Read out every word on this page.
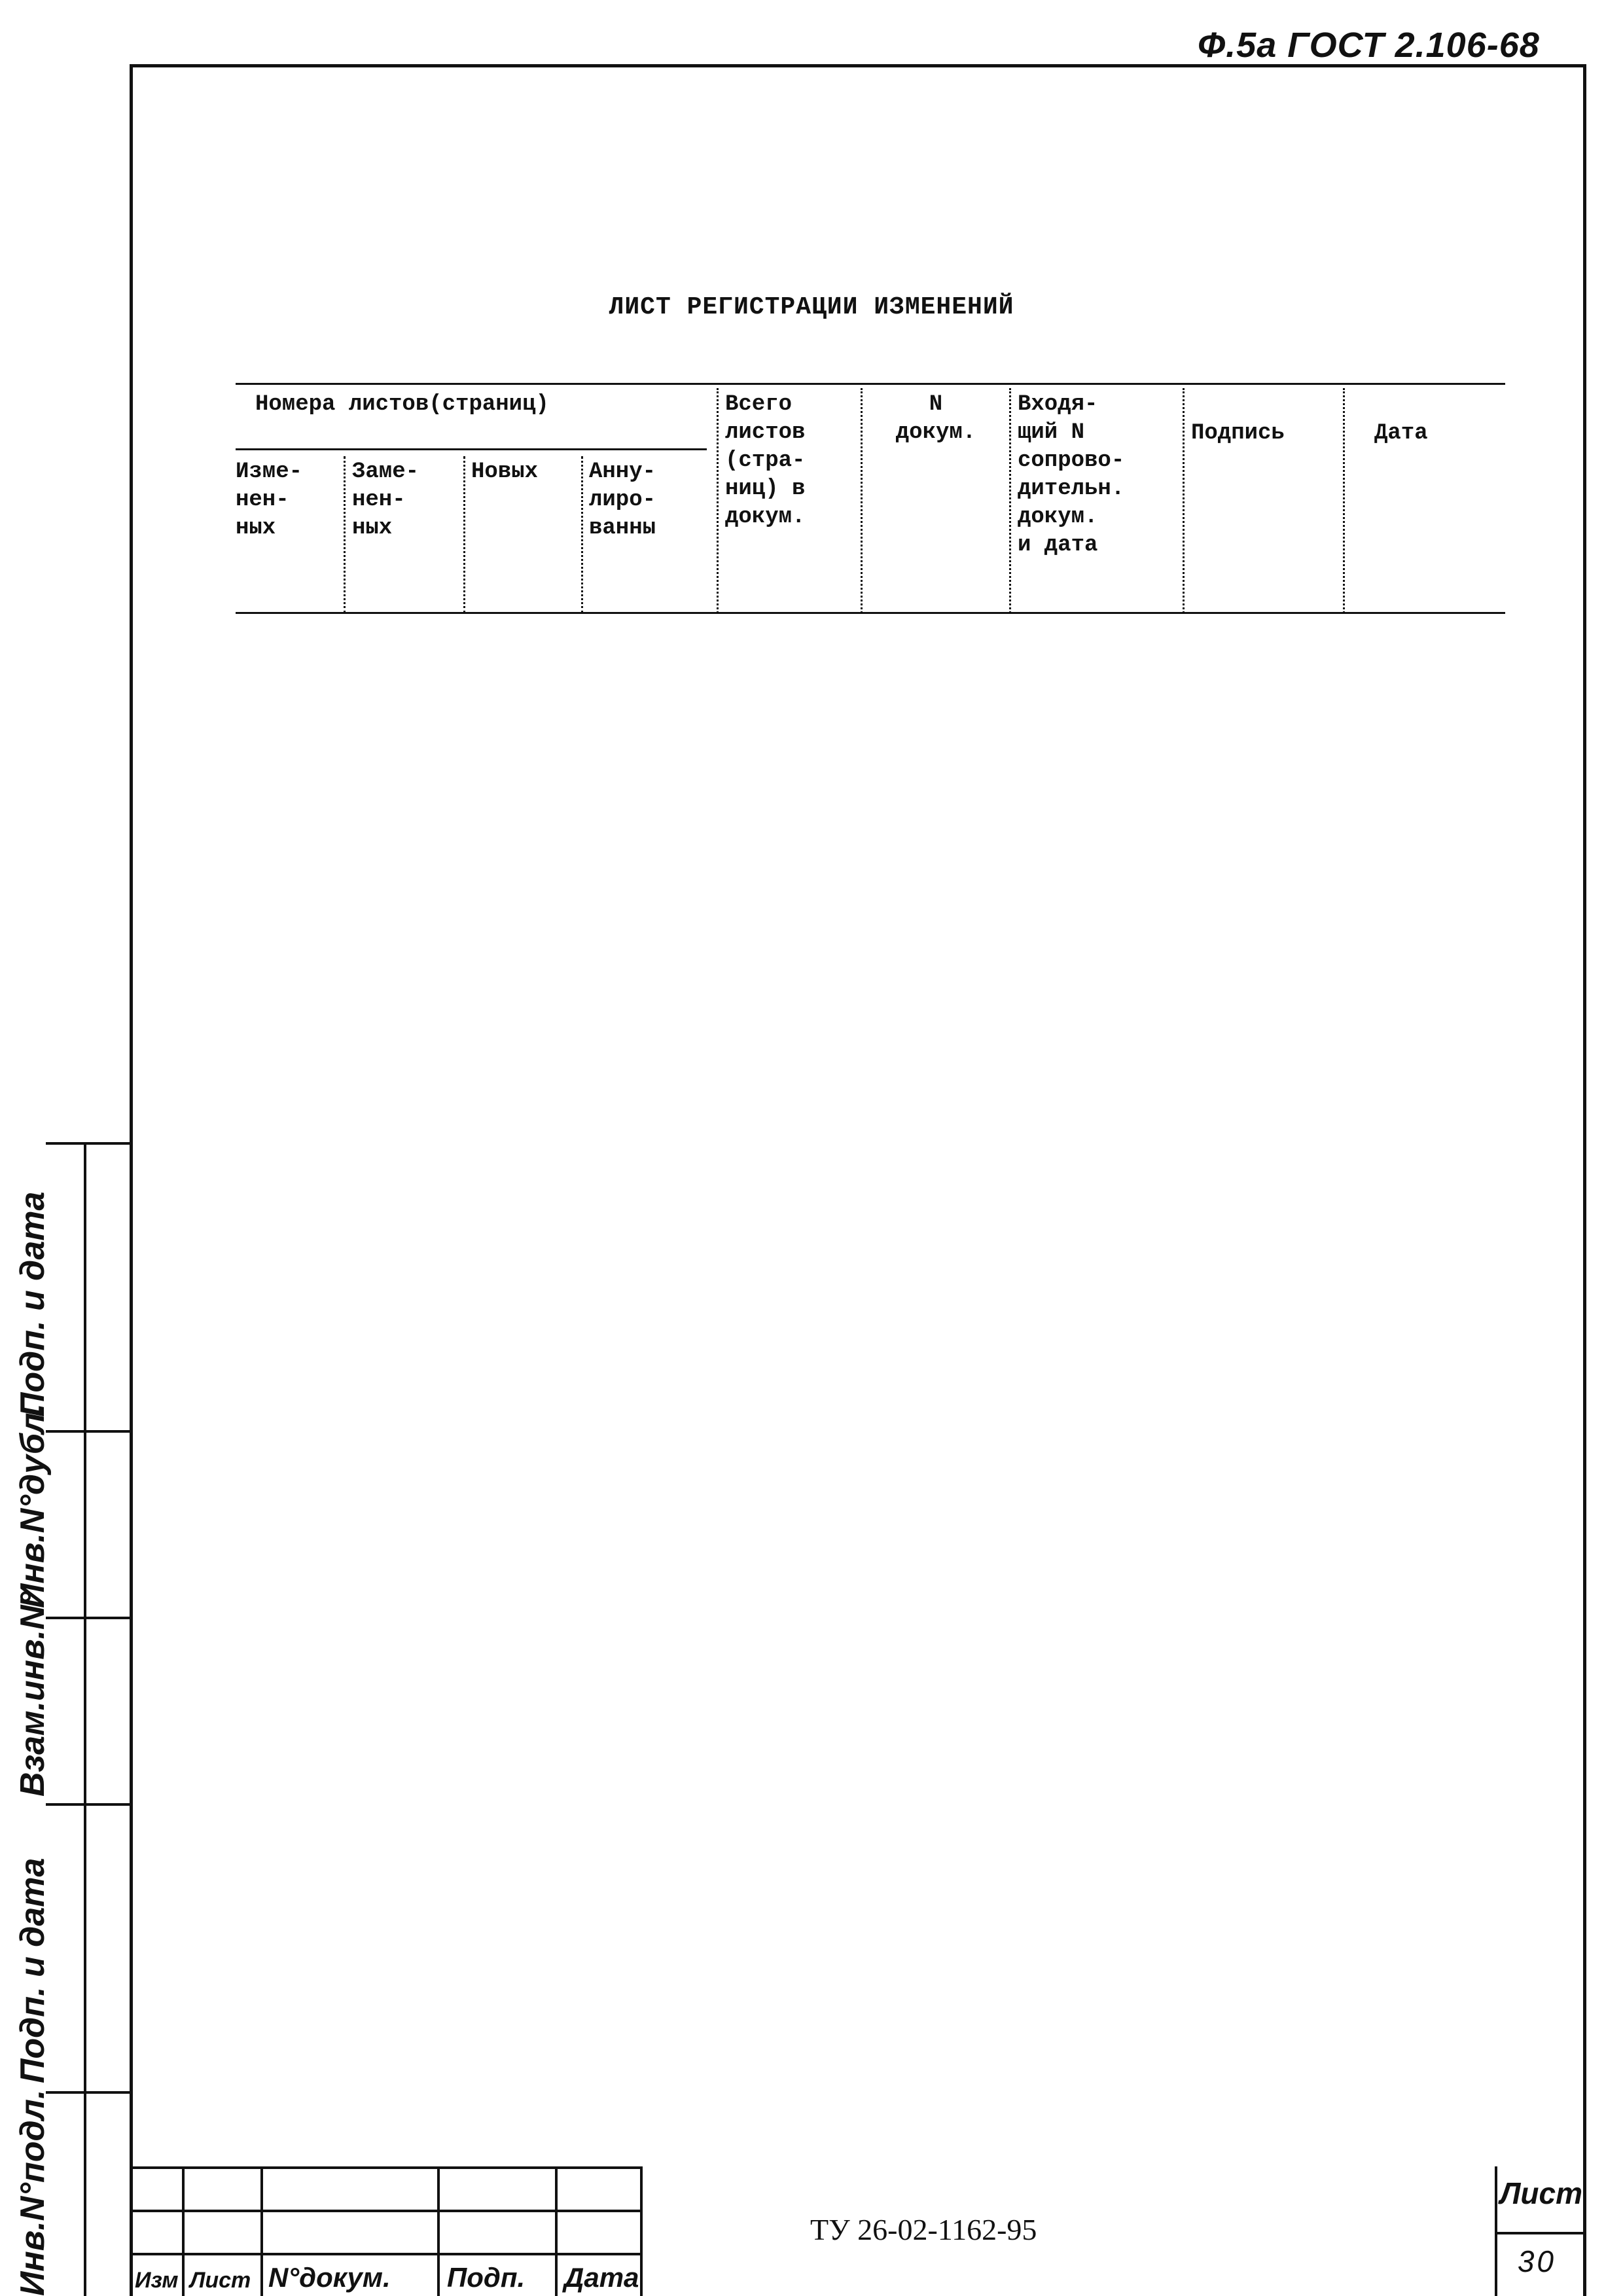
Ф.5а ГОСТ 2.106-68
ЛИСТ РЕГИСТРАЦИИ ИЗМЕНЕНИЙ
Номера листов(страниц)
Изме-
нен-
ных
Заме-
нен-
ных
Новых Анну-
лиро-
ванны
Всего
листов
(стра-
ниц) в
докум.
N
докум.
Входя-
щий N
сопрово-
дительн.
докум.
и дата
Подпись	Дата
Подп. и дата
Инв.N°дубл.
Взам.инв.N°
Подп. и дата
Инв.N°подл.	Изм Лист N°докум. Подп. Дата
ТУ 26-02-1162-95
Лист
30
